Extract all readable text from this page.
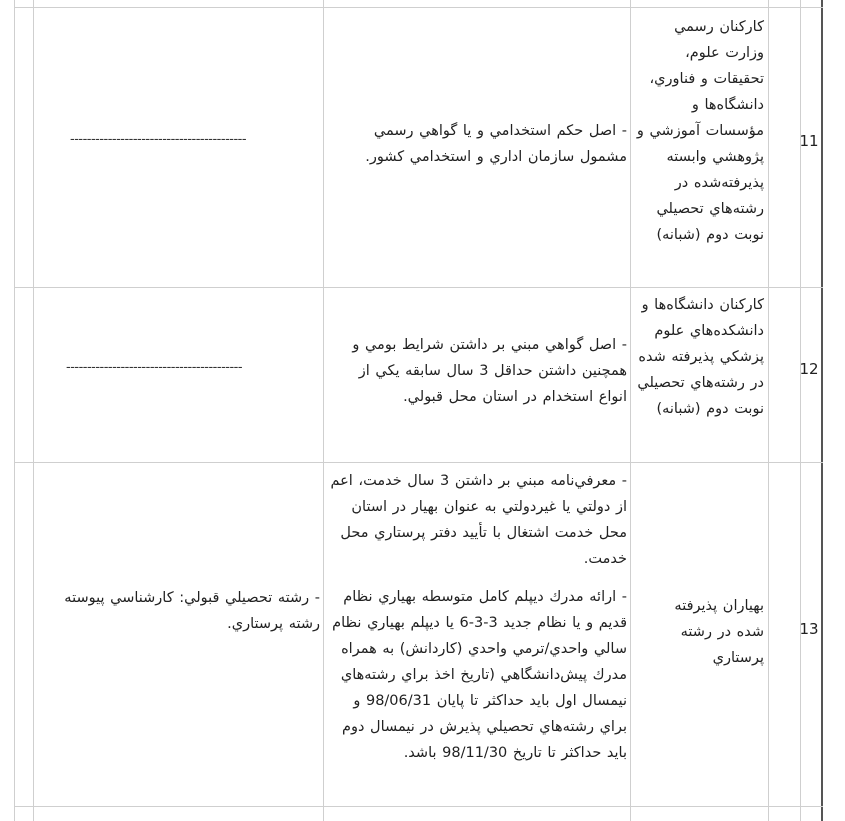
11
كاركنان رسمي وزارت علوم، تحقيقات و فناوري، دانشگاه‌ها و مؤسسات آموزشي و پژوهشي وابسته پذيرفته‌شده در رشته‌هاي تحصيلي نوبت دوم (شبانه)

- اصل حكم استخدامي و يا گواهي رسمي مشمول سازمان اداري و استخدامي كشور.

------------------------------------------
12
كاركنان دانشگاه‌ها و دانشكده‌هاي علوم پزشكي پذيرفته شده در رشته‌هاي تحصيلي نوبت دوم (شبانه)

- اصل گواهي مبني بر داشتن شرايط بومي و همچنين داشتن حداقل 3 سال سابقه يكي از انواع استخدام در استان محل قبولي.

------------------------------------------
13
بهياران پذيرفته شده در رشته پرستاري

- معرفي‌نامه مبني بر داشتن 3 سال خدمت، اعم از دولتي يا غيردولتي به عنوان بهيار در استان محل خدمت اشتغال با تأييد دفتر پرستاري محل خدمت.

- ارائه مدرك ديپلم كامل متوسطه بهياري نظام قديم و يا نظام جديد 3-3-6 يا ديپلم بهياري نظام سالي واحدي/ترمي واحدي (كاردانش) به همراه مدرك پيش‌دانشگاهي (تاريخ اخذ براي رشته‌هاي نيمسال اول بايد حداكثر تا پايان 98/06/31 و براي رشته‌هاي تحصيلي پذيرش در نيمسال دوم بايد حداكثر تا تاريخ 98/11/30 باشد.

- رشته تحصيلي قبولي: كارشناسي پيوسته رشته پرستاري.
